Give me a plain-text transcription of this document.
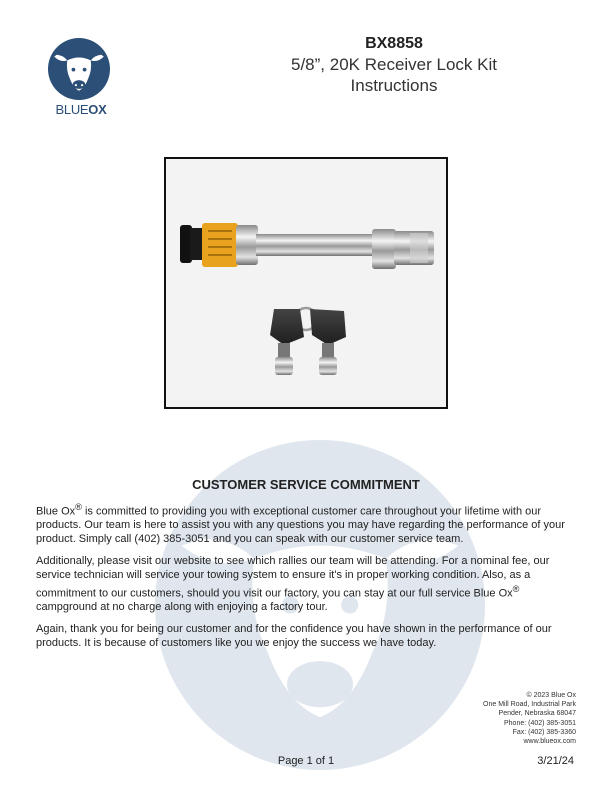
BLUEOX
BX8858
5/8”, 20K Receiver Lock Kit
Instructions
CUSTOMER SERVICE COMMITMENT

Blue Ox® is committed to providing you with exceptional customer care throughout your lifetime with our products. Our team is here to assist you with any questions you may have regarding the performance of your product. Simply call (402) 385-3051 and you can speak with our customer service team.

Additionally, please visit our website to see which rallies our team will be attending. For a nominal fee, our service technician will service your towing system to ensure it's in proper working condition. Also, as a commitment to our customers, should you visit our factory, you can stay at our full service Blue Ox® campground at no charge along with enjoying a factory tour.

Again, thank you for being our customer and for the confidence you have shown in the performance of our products. It is because of customers like you we enjoy the success we have today.

© 2023 Blue Ox
One Mill Road, Industrial Park
Pender, Nebraska 68047
Phone: (402) 385-3051
Fax: (402) 385-3360
www.blueox.com
Page 1 of 1	3/21/24
